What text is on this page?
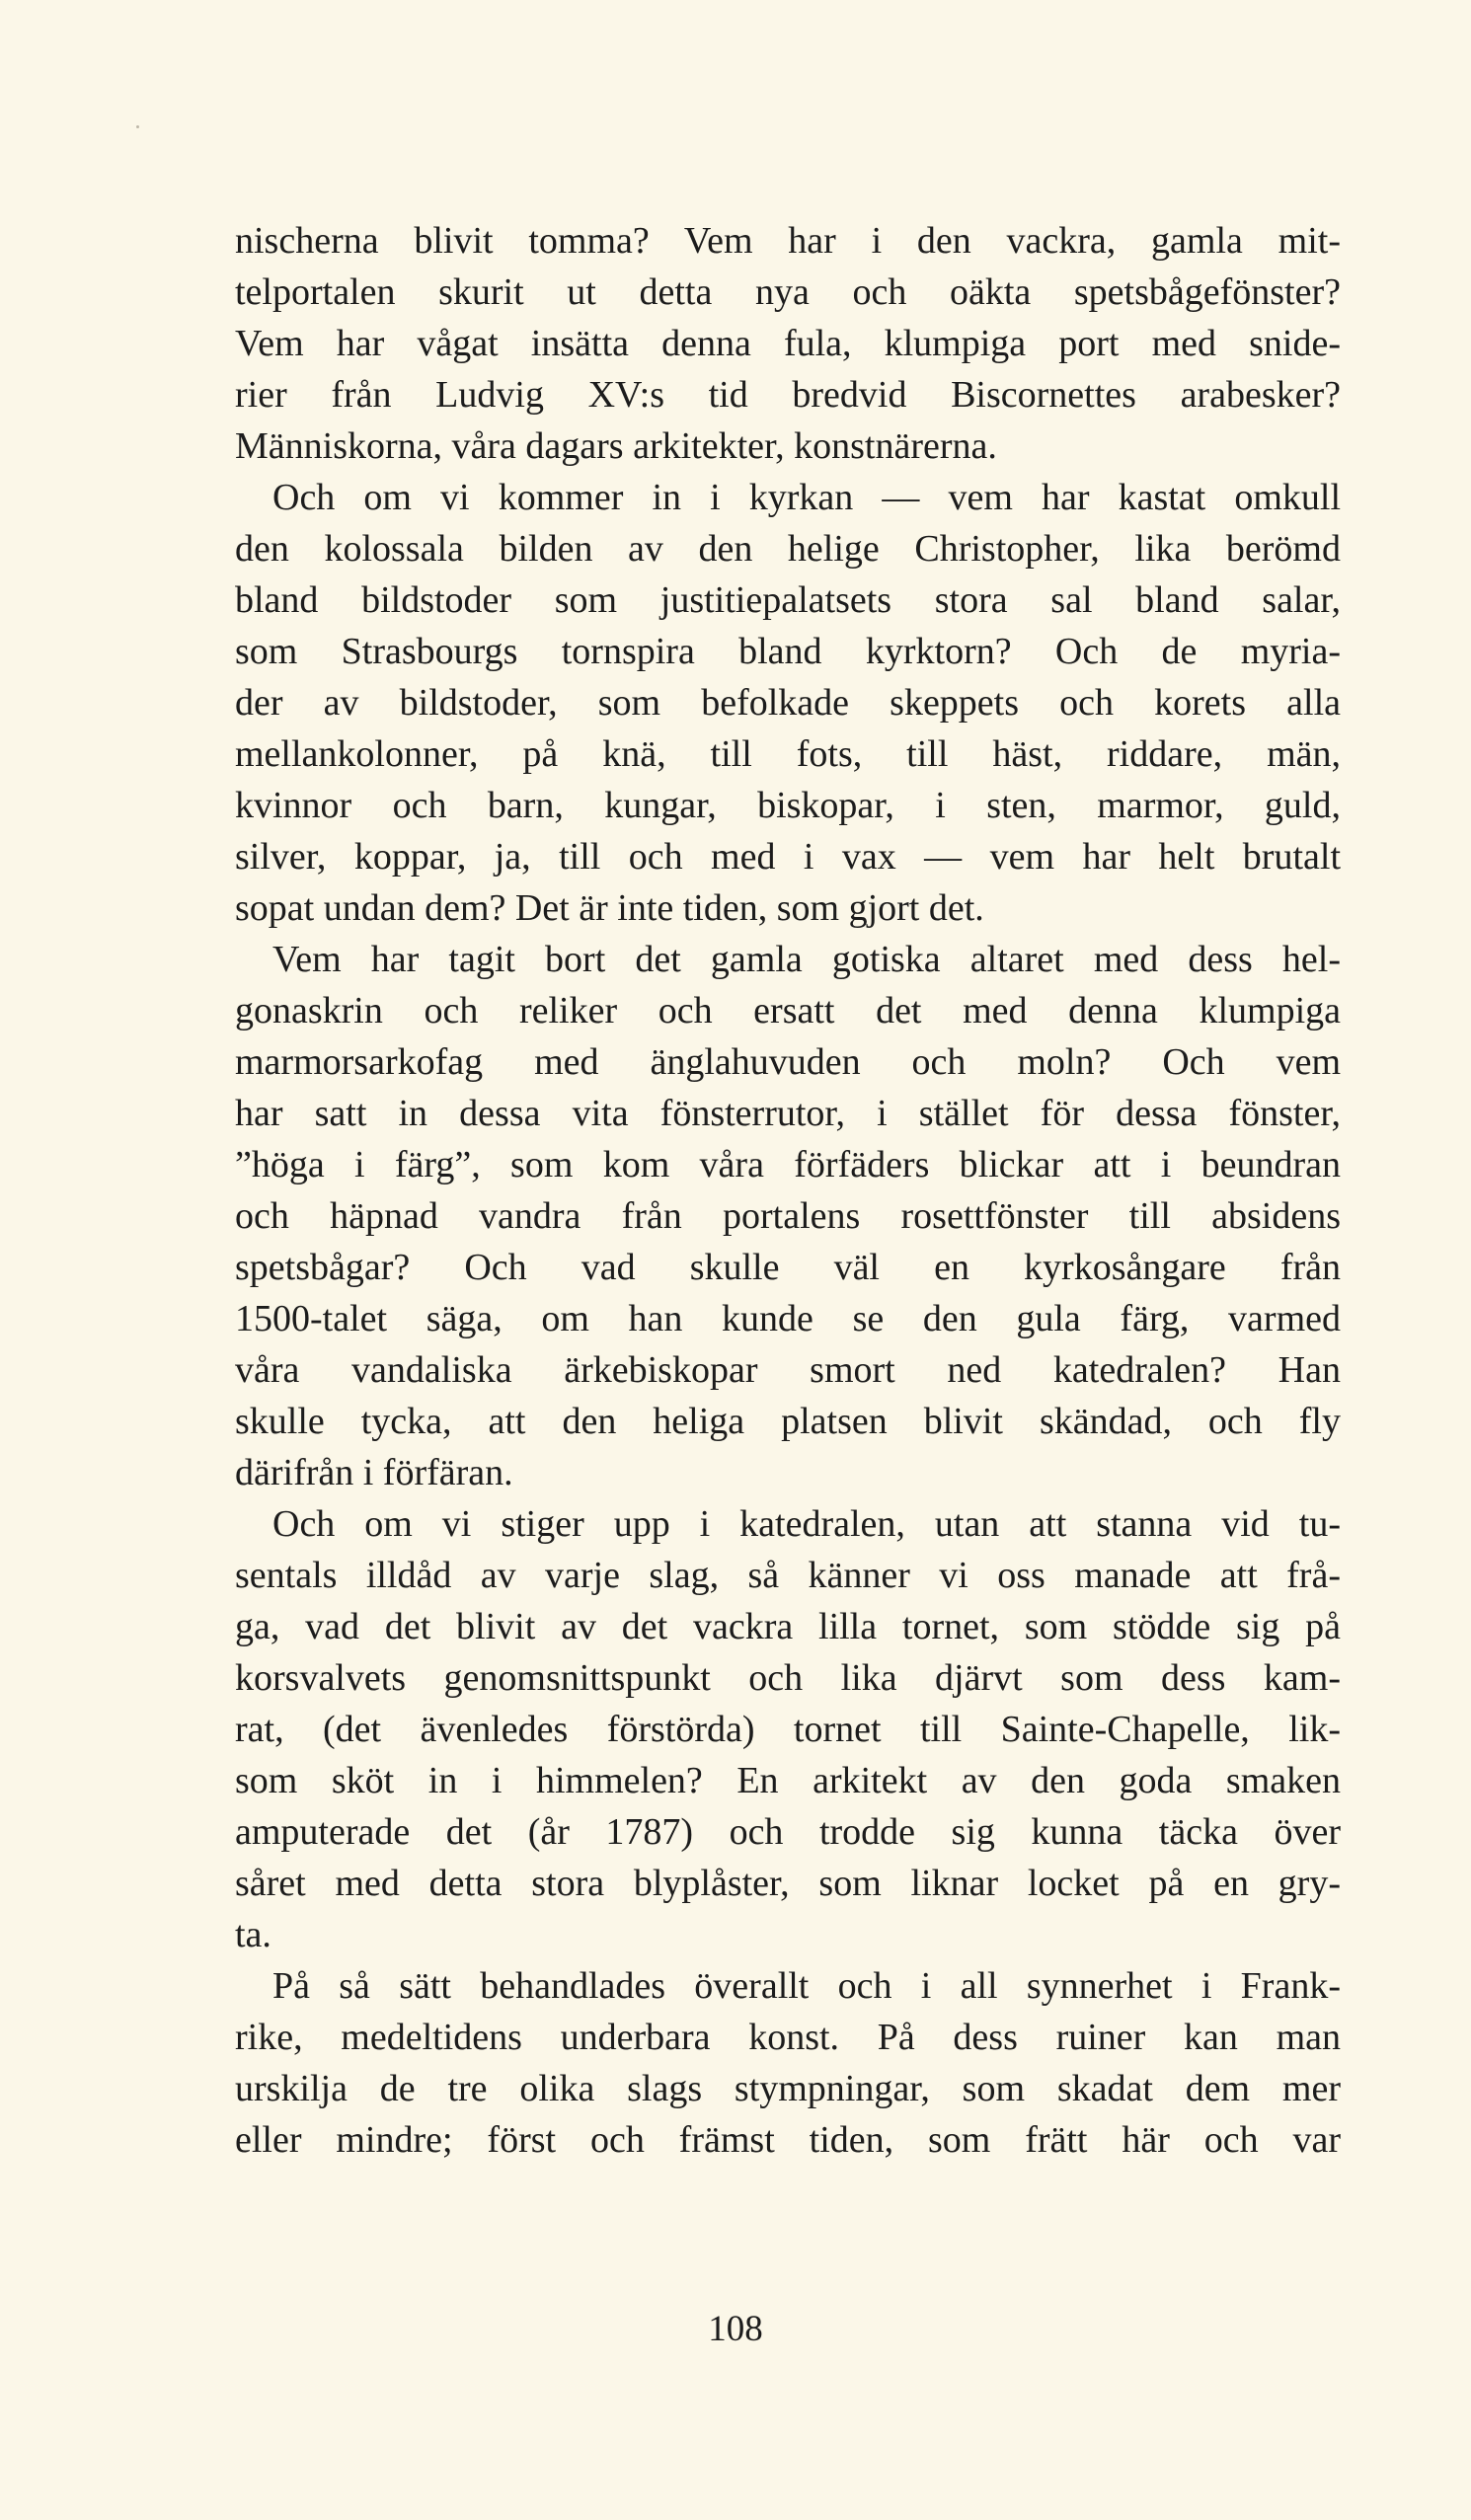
nischerna blivit tomma? Vem har i den vackra, gamla mit-
telportalen skurit ut detta nya och oäkta spetsbågefönster?
Vem har vågat insätta denna fula, klumpiga port med snide-
rier från Ludvig XV:s tid bredvid Biscornettes arabesker?
Människorna, våra dagars arkitekter, konstnärerna.
Och om vi kommer in i kyrkan — vem har kastat omkull
den kolossala bilden av den helige Christopher, lika berömd
bland bildstoder som justitiepalatsets stora sal bland salar,
som Strasbourgs tornspira bland kyrktorn? Och de myria-
der av bildstoder, som befolkade skeppets och korets alla
mellankolonner, på knä, till fots, till häst, riddare, män,
kvinnor och barn, kungar, biskopar, i sten, marmor, guld,
silver, koppar, ja, till och med i vax — vem har helt brutalt
sopat undan dem? Det är inte tiden, som gjort det.
Vem har tagit bort det gamla gotiska altaret med dess hel-
gonaskrin och reliker och ersatt det med denna klumpiga
marmorsarkofag med änglahuvuden och moln? Och vem
har satt in dessa vita fönsterrutor, i stället för dessa fönster,
”höga i färg”, som kom våra förfäders blickar att i beundran
och häpnad vandra från portalens rosettfönster till absidens
spetsbågar? Och vad skulle väl en kyrkosångare från
1500-talet säga, om han kunde se den gula färg, varmed
våra vandaliska ärkebiskopar smort ned katedralen? Han
skulle tycka, att den heliga platsen blivit skändad, och fly
därifrån i förfäran.
Och om vi stiger upp i katedralen, utan att stanna vid tu-
sentals illdåd av varje slag, så känner vi oss manade att frå-
ga, vad det blivit av det vackra lilla tornet, som stödde sig på
korsvalvets genomsnittspunkt och lika djärvt som dess kam-
rat, (det ävenledes förstörda) tornet till Sainte-Chapelle, lik-
som sköt in i himmelen? En arkitekt av den goda smaken
amputerade det (år 1787) och trodde sig kunna täcka över
såret med detta stora blyplåster, som liknar locket på en gry-
ta.
På så sätt behandlades överallt och i all synnerhet i Frank-
rike, medeltidens underbara konst. På dess ruiner kan man
urskilja de tre olika slags stympningar, som skadat dem mer
eller mindre; först och främst tiden, som frätt här och var
108
